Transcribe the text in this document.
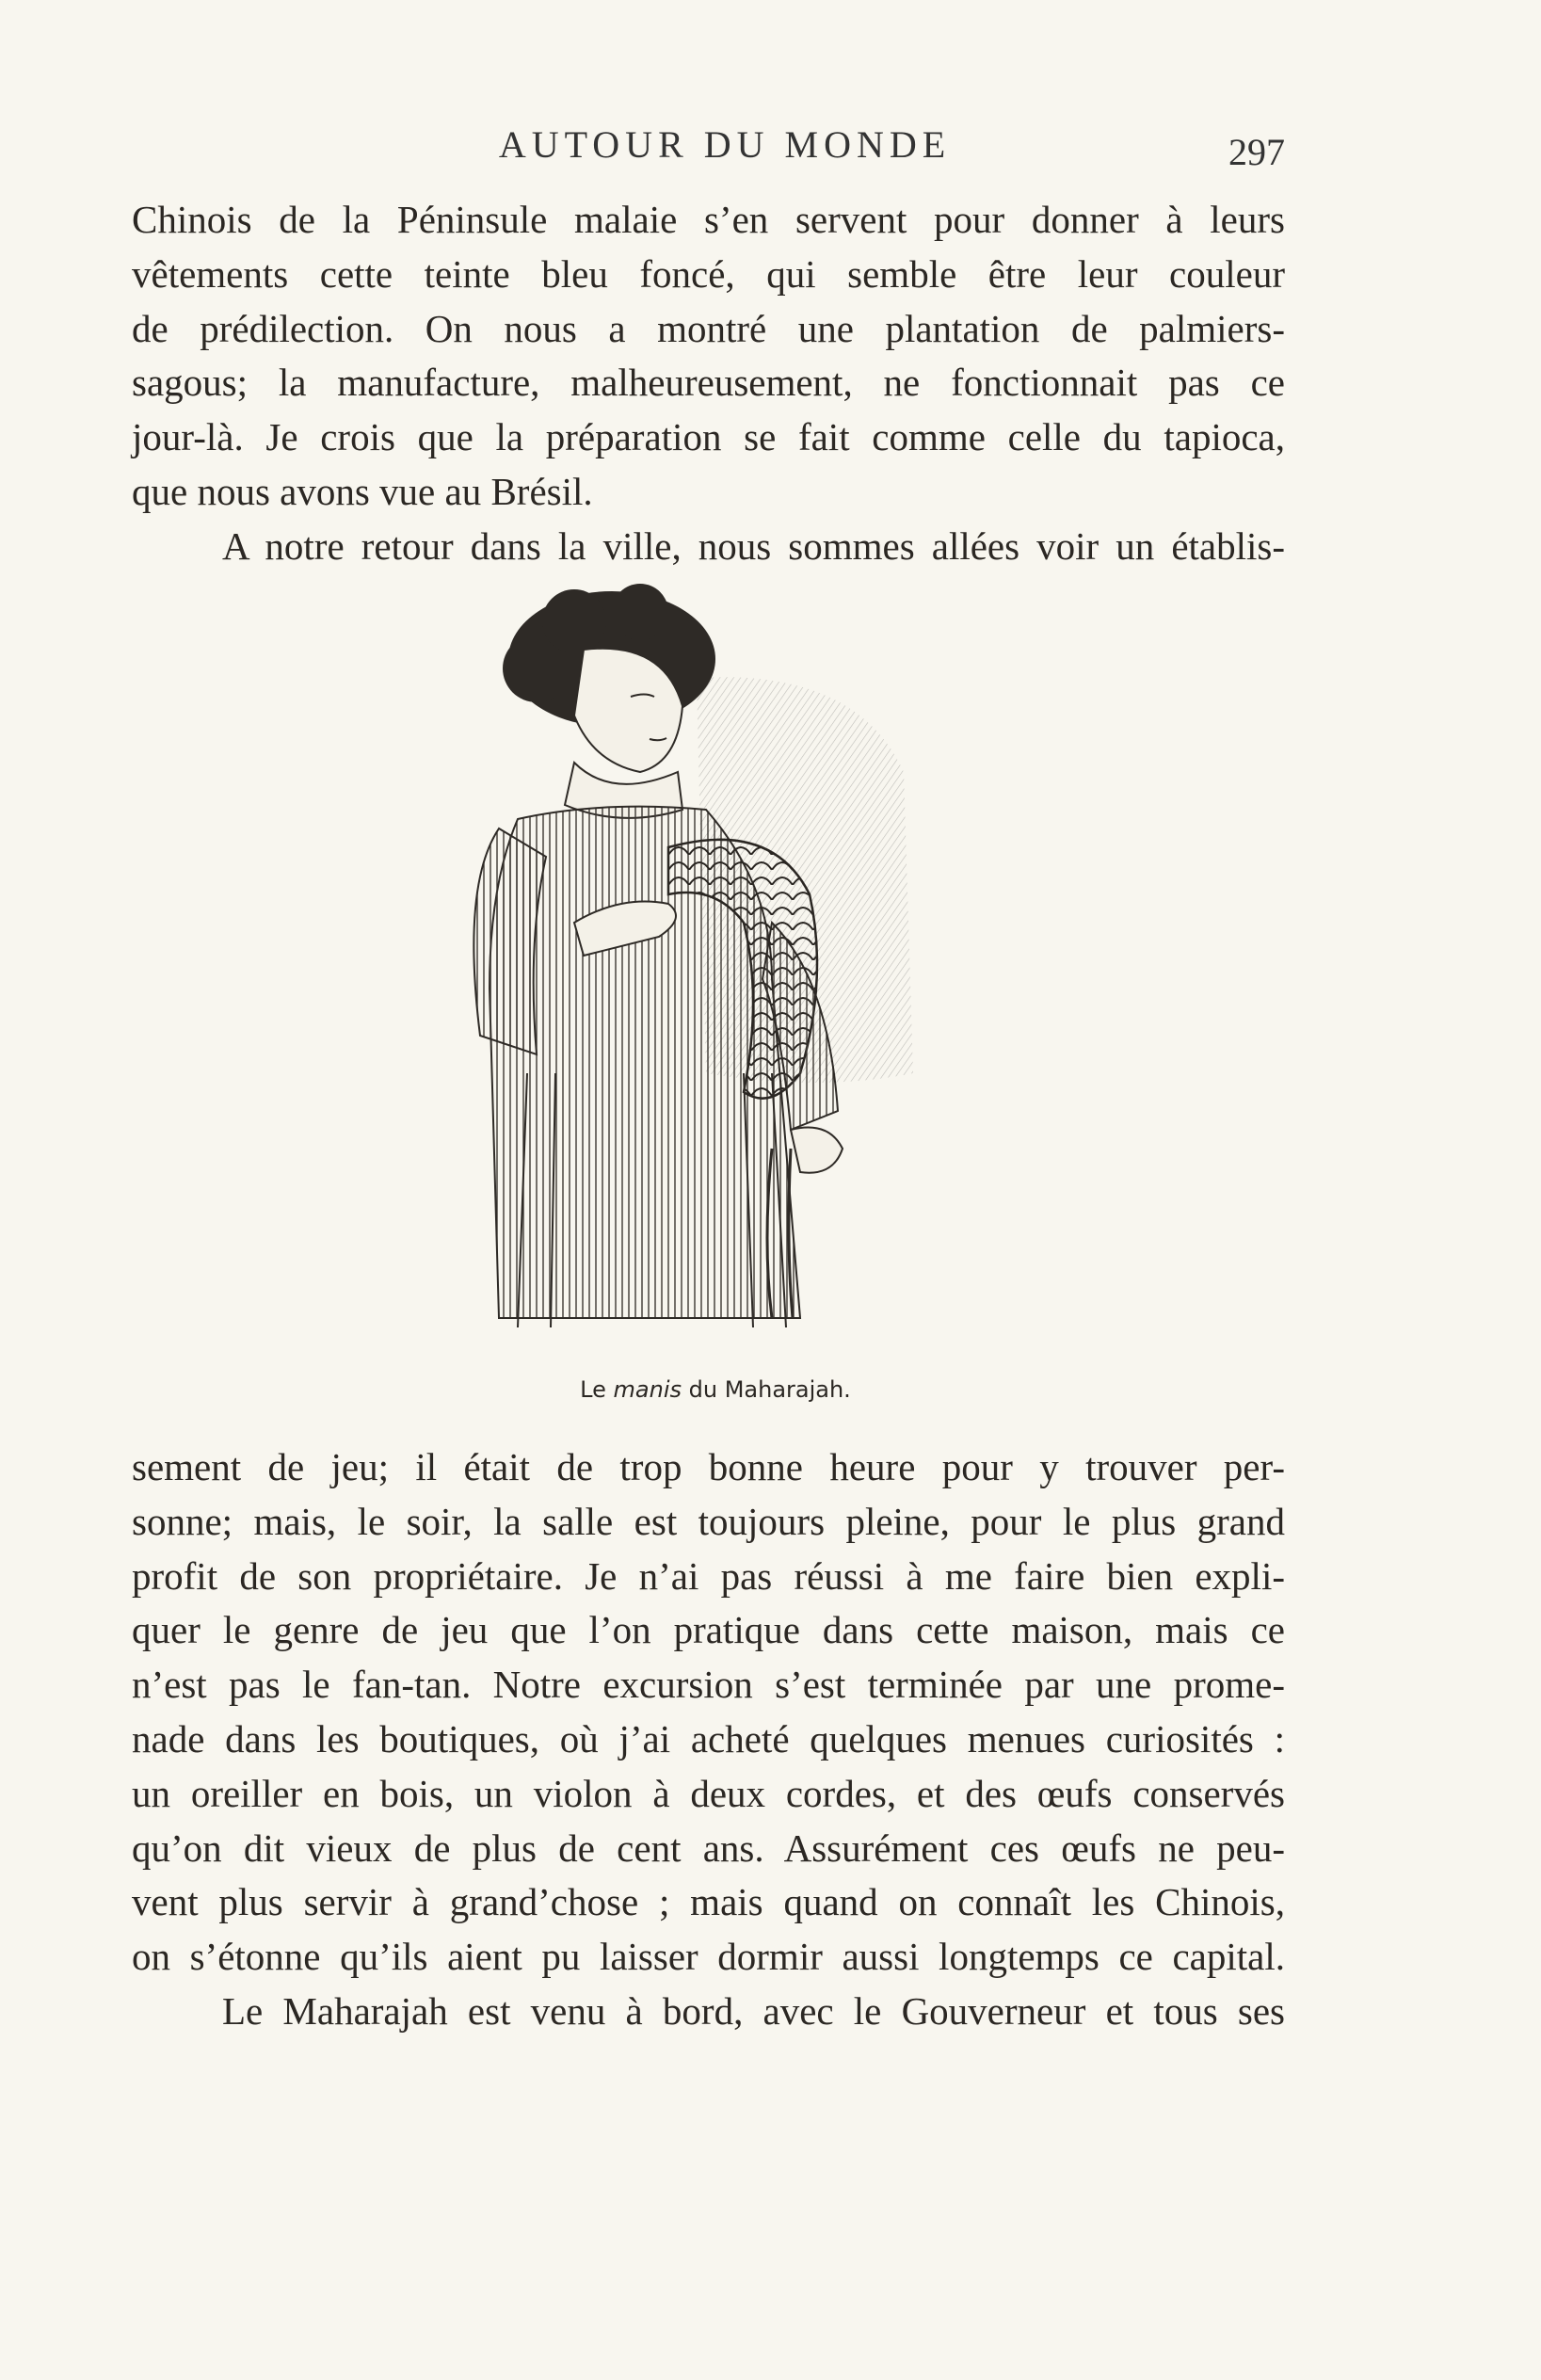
AUTOUR DU MONDE	297
Chinois de la Péninsule malaie s’en servent pour donner à leurs
vêtements cette teinte bleu foncé, qui semble être leur couleur
de prédilection. On nous a montré une plantation de palmiers-
sagous; la manufacture, malheureusement, ne fonctionnait pas ce
jour-là. Je crois que la préparation se fait comme celle du tapioca,
que nous avons vue au Brésil.
A notre retour dans la ville, nous sommes allées voir un établis-
Le manis du Maharajah.
sement de jeu; il était de trop bonne heure pour y trouver per-
sonne; mais, le soir, la salle est toujours pleine, pour le plus grand
profit de son propriétaire. Je n’ai pas réussi à me faire bien expli-
quer le genre de jeu que l’on pratique dans cette maison, mais ce
n’est pas le fan-tan. Notre excursion s’est terminée par une prome-
nade dans les boutiques, où j’ai acheté quelques menues curiosités :
un oreiller en bois, un violon à deux cordes, et des œufs conservés
qu’on dit vieux de plus de cent ans. Assurément ces œufs ne peu-
vent plus servir à grand’chose ; mais quand on connaît les Chinois,
on s’étonne qu’ils aient pu laisser dormir aussi longtemps ce capital.
Le Maharajah est venu à bord, avec le Gouverneur et tous ses
